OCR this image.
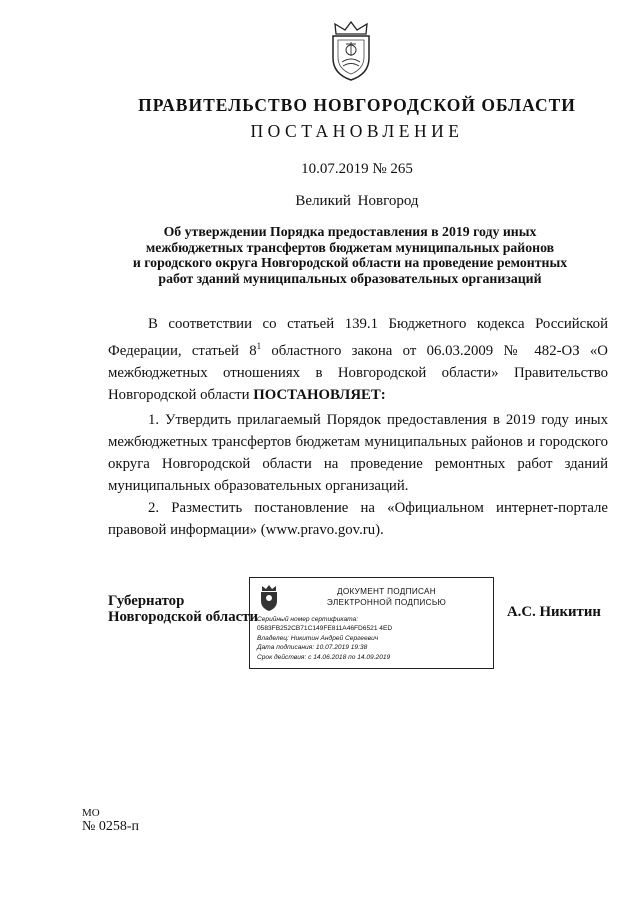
ПРАВИТЕЛЬСТВО НОВГОРОДСКОЙ ОБЛАСТИ
ПОСТАНОВЛЕНИЕ
10.07.2019 № 265
Великий Новгород
Об утверждении Порядка предоставления в 2019 году иных
межбюджетных трансфертов бюджетам муниципальных районов
и городского округа Новгородской области на проведение ремонтных
работ зданий муниципальных образовательных организаций

В соответствии со статьей 139.1 Бюджетного кодекса Российской Федерации, статьей $8^1$ областного закона от 06.03.2009 № 482-ОЗ «О межбюджетных отношениях в Новгородской области» Правительство Новгородской области ПОСТАНОВЛЯЕТ:

1. Утвердить прилагаемый Порядок предоставления в 2019 году иных межбюджетных трансфертов бюджетам муниципальных районов и городского округа Новгородской области на проведение ремонтных работ зданий муниципальных образовательных организаций.

2. Разместить постановление на «Официальном интернет-портале правовой информации» (www.pravo.gov.ru).

Губернатор
Новгородской области
ДОКУМЕНТ ПОДПИСАН
ЭЛЕКТРОННОЙ ПОДПИСЬЮ
Серийный номер сертификата:
0583FB252CB71C149FE811A46FD6521 4ED
Владелец: Никитин Андрей Сергеевич
Дата подписания: 10.07.2019 19:38
Срок действия: с 14.06.2018 по 14.09.2019
А.С. Никитин
МО
№ 0258-п
